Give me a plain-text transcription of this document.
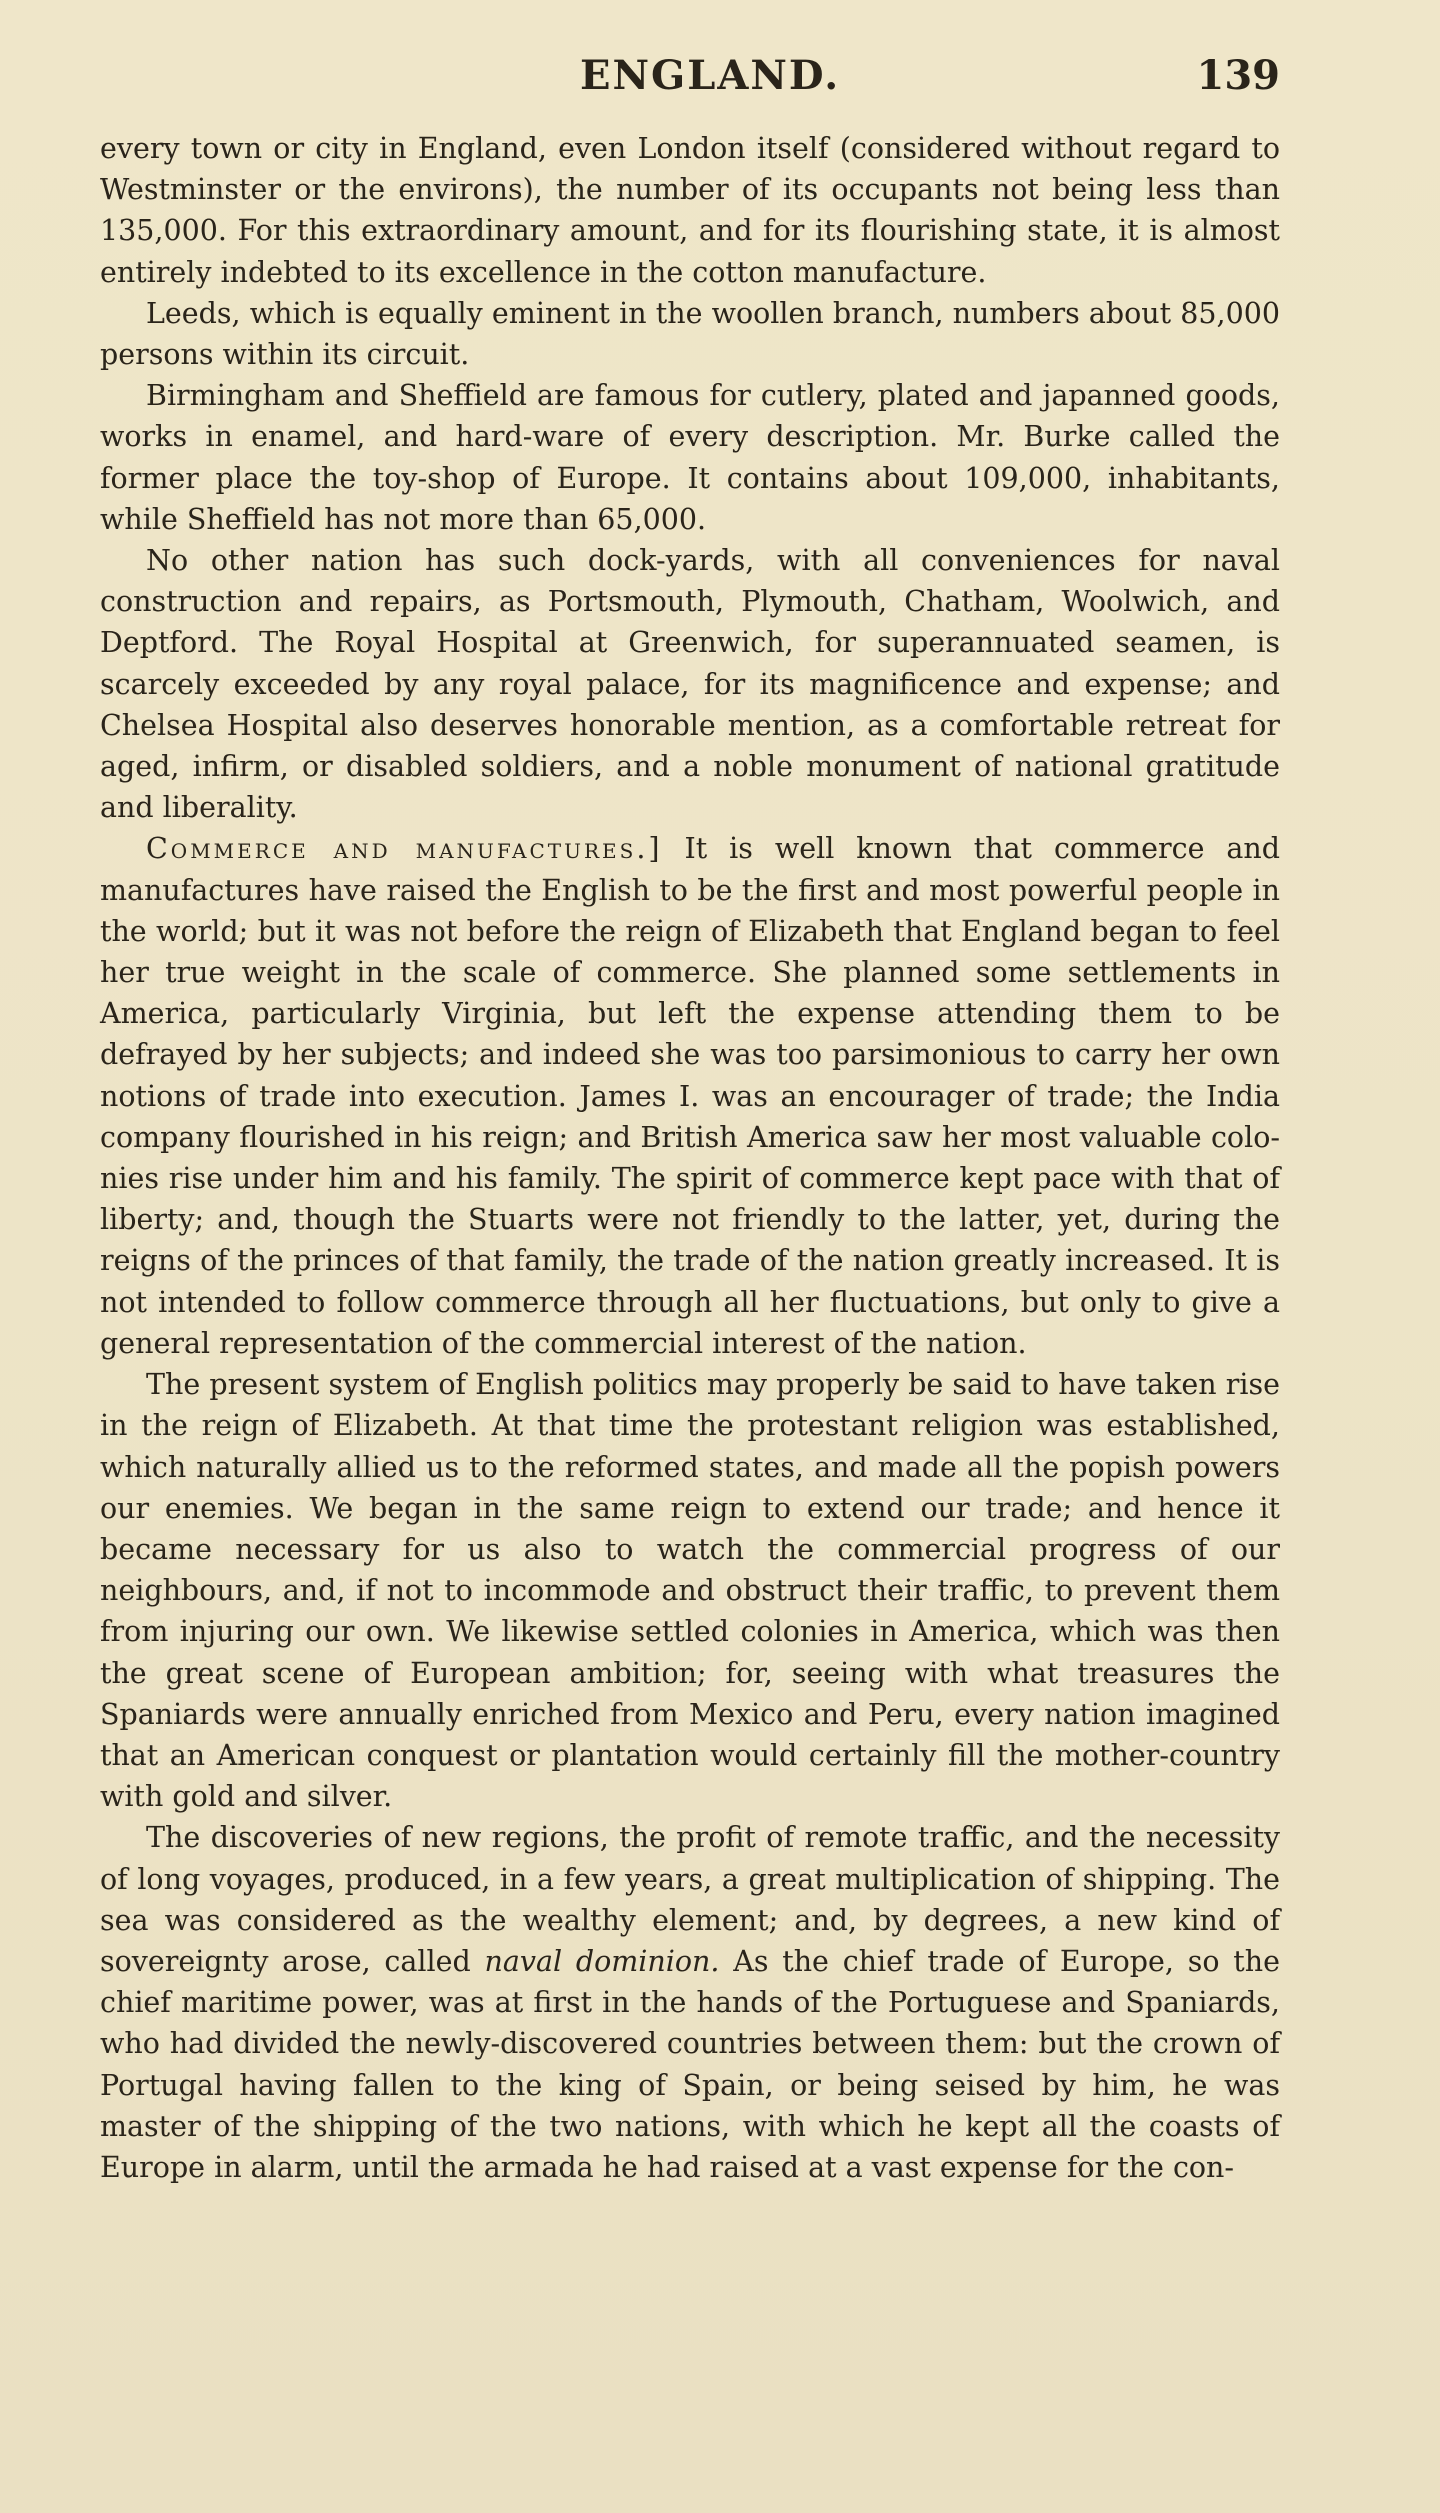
ENGLAND.	139

every town or city in England, even London itself (considered without regard to Westminster or the environs), the number of its occupants not being less than 135,000. For this extraordinary amount, and for its flourishing state, it is almost entirely indebted to its excellence in the cotton manufacture.

Leeds, which is equally eminent in the woollen branch, numbers about 85,000 persons within its circuit.

Birmingham and Sheffield are famous for cutlery, plated and japanned goods, works in enamel, and hard-ware of every description. Mr. Burke called the former place the toy-shop of Europe. It contains about 109,000, inhabitants, while Sheffield has not more than 65,000.

No other nation has such dock-yards, with all conveniences for naval construction and repairs, as Portsmouth, Plymouth, Chatham, Woolwich, and Deptford. The Royal Hospital at Greenwich, for superannuated seamen, is scarcely exceeded by any royal palace, for its magnificence and expense; and Chelsea Hospital also deserves honorable mention, as a comfortable retreat for aged, infirm, or disabled soldiers, and a noble monument of national gratitude and liberality.

Commerce and manufactures.] It is well known that commerce and manufactures have raised the English to be the first and most powerful people in the world; but it was not before the reign of Elizabeth that England began to feel her true weight in the scale of commerce. She planned some settlements in America, particularly Virginia, but left the expense attending them to be defrayed by her subjects; and indeed she was too parsimonious to carry her own notions of trade into execution. James I. was an encourager of trade; the India company flourished in his reign; and British America saw her most valuable colonies rise under him and his family. The spirit of commerce kept pace with that of liberty; and, though the Stuarts were not friendly to the latter, yet, during the reigns of the princes of that family, the trade of the nation greatly increased. It is not intended to follow commerce through all her fluctuations, but only to give a general representation of the commercial interest of the nation.

The present system of English politics may properly be said to have taken rise in the reign of Elizabeth. At that time the protestant religion was established, which naturally allied us to the reformed states, and made all the popish powers our enemies. We began in the same reign to extend our trade; and hence it became necessary for us also to watch the commercial progress of our neighbours, and, if not to incommode and obstruct their traffic, to prevent them from injuring our own. We likewise settled colonies in America, which was then the great scene of European ambition; for, seeing with what treasures the Spaniards were annually enriched from Mexico and Peru, every nation imagined that an American conquest or plantation would certainly fill the mother-country with gold and silver.

The discoveries of new regions, the profit of remote traffic, and the necessity of long voyages, produced, in a few years, a great multiplication of shipping. The sea was considered as the wealthy element; and, by degrees, a new kind of sovereignty arose, called naval dominion. As the chief trade of Europe, so the chief maritime power, was at first in the hands of the Portuguese and Spaniards, who had divided the newly-discovered countries between them: but the crown of Portugal having fallen to the king of Spain, or being seised by him, he was master of the shipping of the two nations, with which he kept all the coasts of Europe in alarm, until the armada he had raised at a vast expense for the con-
